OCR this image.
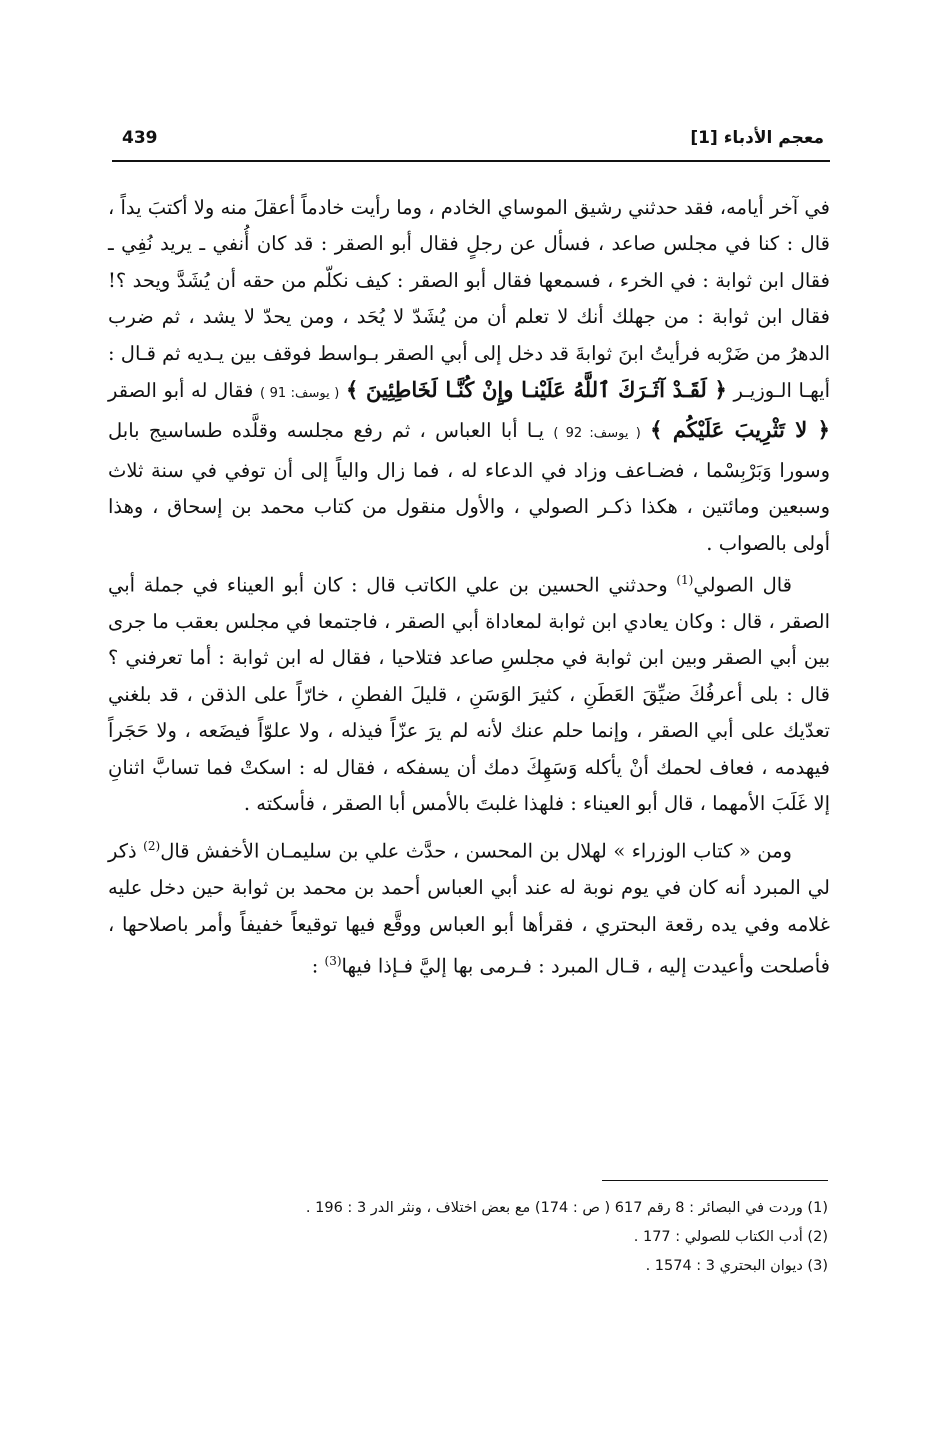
معجم الأدباء [1]
439

في آخر أيامه، فقد حدثني رشيق الموساي الخادم ، وما رأيت خادماً أعقلَ منه ولا أكتبَ يداً ، قال : كنا في مجلس صاعد ، فسأل عن رجلٍ فقال أبو الصقر : قد كان أُنفي ـ يريد نُفِي ـ فقال ابن ثوابة : في الخرء ، فسمعها فقال أبو الصقر : كيف نكلّم من حقه أن يُشَدَّ ويحد ؟! فقال ابن ثوابة : من جهلك أنك لا تعلم أن من يُشَدّ لا يُحَد ، ومن يحدّ لا يشد ، ثم ضرب الدهرُ من ضَرْبه فرأيتُ ابنَ ثوابةَ قد دخل إلى أبي الصقر بـواسط فوقف بين يـديه ثم قـال : أيهـا الـوزيـر ﴿ لَقَـدْ آثَـرَكَ ٱللَّهُ عَلَيْنـا وإِنْ كُنَّـا لَخَاطِئِينَ ﴾ ( يوسف: 91 ) فقال له أبو الصقر ﴿ لا تَثْرِيبَ عَلَيْكُم ﴾ ( يوسف: 92 ) يـا أبا العباس ، ثم رفع مجلسه وقلَّده طساسيج بابل وسورا وَبَرْبِسْما ، فضـاعف وزاد في الدعاء له ، فما زال والياً إلى أن توفي في سنة ثلاث وسبعين ومائتين ، هكذا ذكـر الصولي ، والأول منقول من كتاب محمد بن إسحاق ، وهذا أولى بالصواب .

قال الصولي$^{(1)}$ وحدثني الحسين بن علي الكاتب قال : كان أبو العيناء في جملة أبي الصقر ، قال : وكان يعادي ابن ثوابة لمعاداة أبي الصقر ، فاجتمعا في مجلس بعقب ما جرى بين أبي الصقر وبين ابن ثوابة في مجلسِ صاعد فتلاحيا ، فقال له ابن ثوابة : أما تعرفني ؟ قال : بلى أعرفُكَ ضيِّقَ العَطَنِ ، كثيرَ الوَسَنِ ، قليلَ الفطنِ ، خارّاً على الذقن ، قد بلغني تعدّيك على أبي الصقر ، وإنما حلم عنك لأنه لم يرَ عزّاً فيذله ، ولا علوّاً فيضَعه ، ولا حَجَراً فيهدمه ، فعاف لحمك أنْ يأكله وَسَهِكَ دمك أن يسفكه ، فقال له : اسكتْ فما تسابَّ اثنانِ إلا غَلَبَ الأمهما ، قال أبو العيناء : فلهذا غلبتَ بالأمس أبا الصقر ، فأسكته .

ومن « كتاب الوزراء » لهلال بن المحسن ، حدَّث علي بن سليمـان الأخفش قال$^{(2)}$ ذكر لي المبرد أنه كان في يوم نوبة له عند أبي العباس أحمد بن محمد بن ثوابة حين دخل عليه غلامه وفي يده رقعة البحتري ، فقرأها أبو العباس ووقَّع فيها توقيعاً خفيفاً وأمر باصلاحها ، فأصلحت وأعيدت إليه ، قـال المبرد : فـرمى بها إليَّ فـإذا فيها$^{(3)}$ :

(1) وردت في البصائر : 8 رقم 617 ( ص : 174) مع بعض اختلاف ، ونثر الدر 3 : 196 .
(2) أدب الكتاب للصولي : 177 .
(3) ديوان البحتري 3 : 1574 .
